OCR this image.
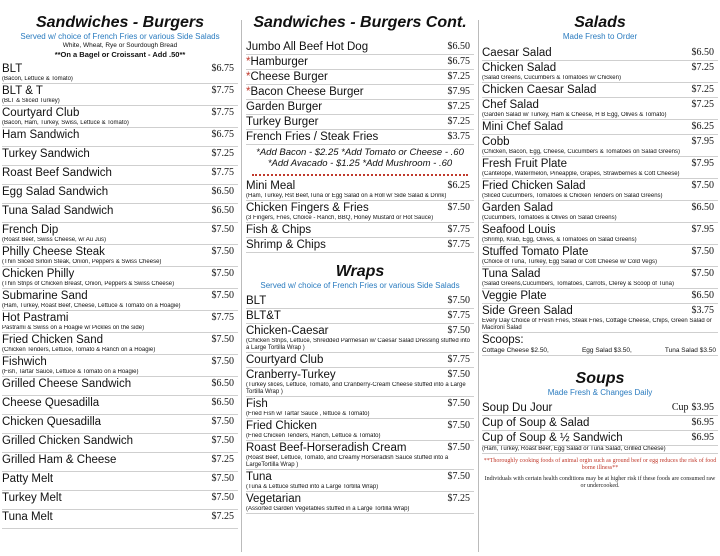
Sandwiches - Burgers
Served w/ choice of French Fries or various Side Salads
White, Wheat, Rye or Sourdough Bread
**On a Bagel or Croissant - Add .50**
BLT
(Bacon, Lettuce & Tomato)
$6.75
BLT & T
(BLT & Sliced Turkey)
$7.75
Courtyard Club
(Bacon, Ham, Turkey, Swiss, Lettuce & Tomato)
$7.75
Ham Sandwich	$6.75
Turkey Sandwich	$7.25
Roast Beef Sandwich	$7.75
Egg Salad Sandwich	$6.50
Tuna Salad Sandwich	$6.50
French Dip
(Roast Beef, Swiss Cheese, w/ Au Jus)
$7.50
Philly Cheese Steak
(Thin Sliced Sirloin Steak, Onion, Peppers & Swiss Cheese)
$7.50
Chicken Philly
(Thin Strips of Chicken Breast, Onion, Peppers & Swiss Cheese)
$7.50
Submarine Sand
(Ham, Turkey, Roast Beef, Cheese, Lettuce & Tomato on a Hoagie)
$7.50
Hot Pastrami
Pastrami & Swiss on a Hoagie w/ Pickles on the side)
$7.75
Fried Chicken Sand
(Chicken Tenders, Lettuce, Tomato & Ranch on a Hoagie)
$7.50
Fishwich
(Fish, Tartar Sauce, Lettuce & Tomato on a Hoagie)
$7.50
Grilled Cheese Sandwich	$6.50
Cheese Quesadilla	$6.50
Chicken Quesadilla	$7.50
Grilled Chicken Sandwich	$7.50
Grilled Ham & Cheese	$7.25
Patty Melt	$7.50
Turkey Melt	$7.50
Tuna Melt	$7.25
Sandwiches - Burgers Cont.
Jumbo All Beef Hot Dog	$6.50
*Hamburger	$6.75
*Cheese Burger	$7.25
*Bacon Cheese Burger	$7.95
Garden Burger	$7.25
Turkey Burger	$7.25
French Fries / Steak Fries	$3.75
*Add Bacon - $2.25 *Add Tomato or Cheese - .60
*Add Avacado - $1.25 *Add Mushroom - .60
Mini Meal
(Ham, Turkey, Rst Beef,Tuna or Egg Salad on a Roll w/ Side Salad & Drink)
$6.25
Chicken Fingers & Fries
(3 Fingers, Fries, Choice - Ranch, BBQ, Honey Mustard or Hot Sauce)
$7.50
Fish & Chips	$7.75
Shrimp & Chips	$7.75
Wraps
Served w/ choice of French Fries or various Side Salads
BLT	$7.50
BLT&T	$7.75
Chicken-Caesar
(Chicken Strips, Lettuce, Shredded Parmesan w/ Caesar Salad Dressing stuffed into a Large Tortilla Wrap )
$7.50
Courtyard Club	$7.75
Cranberry-Turkey
(Turkey slices, Lettuce, Tomato, and Cranberry-Cream Cheese stuffed into a Large Tortilla Wrap )
$7.50
Fish
(Fried Fish w/ Tartar Sauce , lettuce & Tomato)
$7.50
Fried Chicken
(Fried Chicken Tenders, Ranch, Lettuce & Tomato)
$7.50
Roast Beef-Horseradish Cream
(Roast Beef, Lettuce, Tomato, and Creamy Horseradish Sauce stuffed into a LargeTortilla Wrap )
$7.50
Tuna
(Tuna & Lettuce stuffed into a Large Tortilla Wrap)
$7.50
Vegetarian
(Assorted Garden Vegetables stuffed in a Large Tortilla Wrap)
$7.25
Salads
Made Fresh to Order
Caesar Salad	$6.50
Chicken Salad
(Salad Greens, Cucumbers & Tomatoes w/ Chicken)
$7.25
Chicken Caesar Salad	$7.25
Chef Salad
(Garden Salad w/ Turkey, Ham & Cheese, H B Egg, Olives & Tomato)
$7.25
Mini Chef Salad	$6.25
Cobb
(Chicken, Bacon, Egg, Cheese, Cucumbers & Tomatoes on Salad Greens)
$7.95
Fresh Fruit Plate
(Cantelope, Watermelon, Pineapple, Grapes, Strawberries & Cott Cheese)
$7.95
Fried Chicken Salad
(Sliced Cucumbers, Tomatoes & Chicken Tenders on Salad Greens)
$7.50
Garden Salad
(Cucumbers, Tomatoes & Olives on Salad Greens)
$6.50
Seafood Louis
(Shrimp, Krab, Egg, Olives, & Tomatoes on Salad Greens)
$7.95
Stuffed Tomato Plate
(Choice of Tuna, Turkey, Egg Salad or Cott Cheese w/ Cold Vegs)
$7.50
Tuna Salad
(Salad Greens,Cucumbers, Tomatoes, Carrots, Clerey & Scoop of Tuna)
$7.50
Veggie Plate	$6.50
Side Green Salad
Every Day Choice of Fresh Fries, Steak Fries, Cottage Cheese, Chips, Green Salad or Macironi Salad
$3.75
Scoops:
Cottage Cheese $2.50,	Egg Salad $3.50,	Tuna Salad $3.50
Soups
Made Fresh & Changes Daily
Soup Du Jour	Cup $3.95
Cup of Soup & Salad	$6.95
Cup of Soup & ½ Sandwich	$6.95
(Ham, Turkey, Roast Beef, Egg Salad or Tuna Salad, Grilled Cheese)
**Thoroughly cooking foods of animal orgin such as ground beef or egg reduces the risk of food borne illness**
Individuals with certain health conditions may be at higher risk if these foods are consumed raw or undercooked.
